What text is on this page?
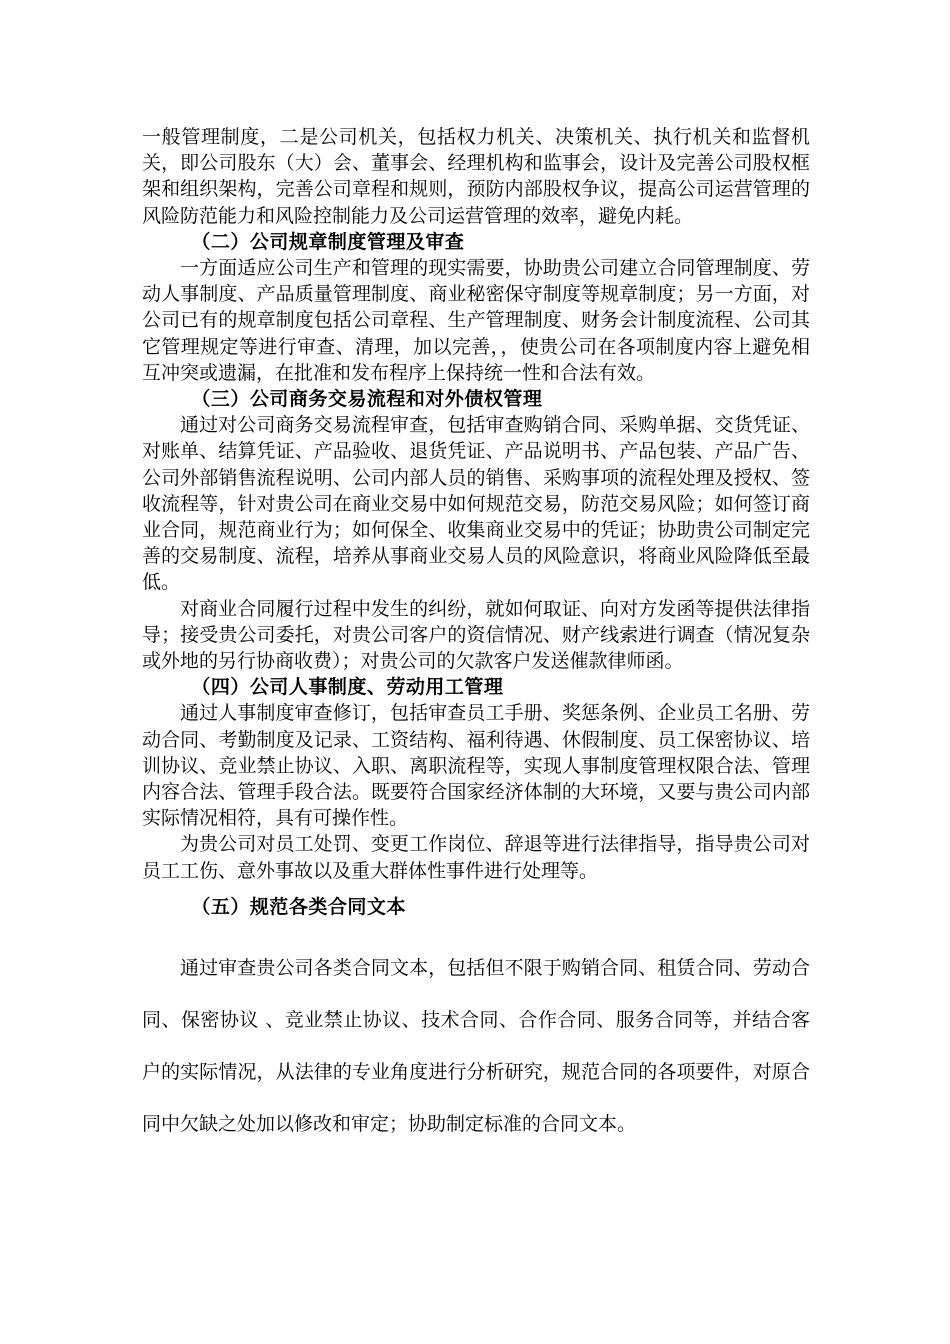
一般管理制度，二是公司机关，包括权力机关、决策机关、执行机关和监督机关，即公司股东（大）会、董事会、经理机构和监事会，设计及完善公司股权框架和组织架构，完善公司章程和规则，预防内部股权争议，提高公司运营管理的风险防范能力和风险控制能力及公司运营管理的效率，避免内耗。

（二）公司规章制度管理及审查

一方面适应公司生产和管理的现实需要，协助贵公司建立合同管理制度、劳动人事制度、产品质量管理制度、商业秘密保守制度等规章制度；另一方面，对公司已有的规章制度包括公司章程、生产管理制度、财务会计制度流程、公司其它管理规定等进行审查、清理，加以完善，，使贵公司在各项制度内容上避免相互冲突或遗漏，在批准和发布程序上保持统一性和合法有效。

（三）公司商务交易流程和对外债权管理

通过对公司商务交易流程审查，包括审查购销合同、采购单据、交货凭证、对账单、结算凭证、产品验收、退货凭证、产品说明书、产品包装、产品广告、公司外部销售流程说明、公司内部人员的销售、采购事项的流程处理及授权、签收流程等，针对贵公司在商业交易中如何规范交易，防范交易风险；如何签订商业合同，规范商业行为；如何保全、收集商业交易中的凭证；协助贵公司制定完善的交易制度、流程，培养从事商业交易人员的风险意识，将商业风险降低至最低。

对商业合同履行过程中发生的纠纷，就如何取证、向对方发函等提供法律指导；接受贵公司委托，对贵公司客户的资信情况、财产线索进行调查（情况复杂或外地的另行协商收费）；对贵公司的欠款客户发送催款律师函。

（四）公司人事制度、劳动用工管理

通过人事制度审查修订，包括审查员工手册、奖惩条例、企业员工名册、劳动合同、考勤制度及记录、工资结构、福利待遇、休假制度、员工保密协议、培训协议、竞业禁止协议、入职、离职流程等，实现人事制度管理权限合法、管理内容合法、管理手段合法。既要符合国家经济体制的大环境，又要与贵公司内部实际情况相符，具有可操作性。

为贵公司对员工处罚、变更工作岗位、辞退等进行法律指导，指导贵公司对员工工伤、意外事故以及重大群体性事件进行处理等。

（五）规范各类合同文本

通过审查贵公司各类合同文本，包括但不限于购销合同、租赁合同、劳动合同、保密协议 、竞业禁止协议、技术合同、合作合同、服务合同等，并结合客户的实际情况，从法律的专业角度进行分析研究，规范合同的各项要件，对原合同中欠缺之处加以修改和审定；协助制定标准的合同文本。
